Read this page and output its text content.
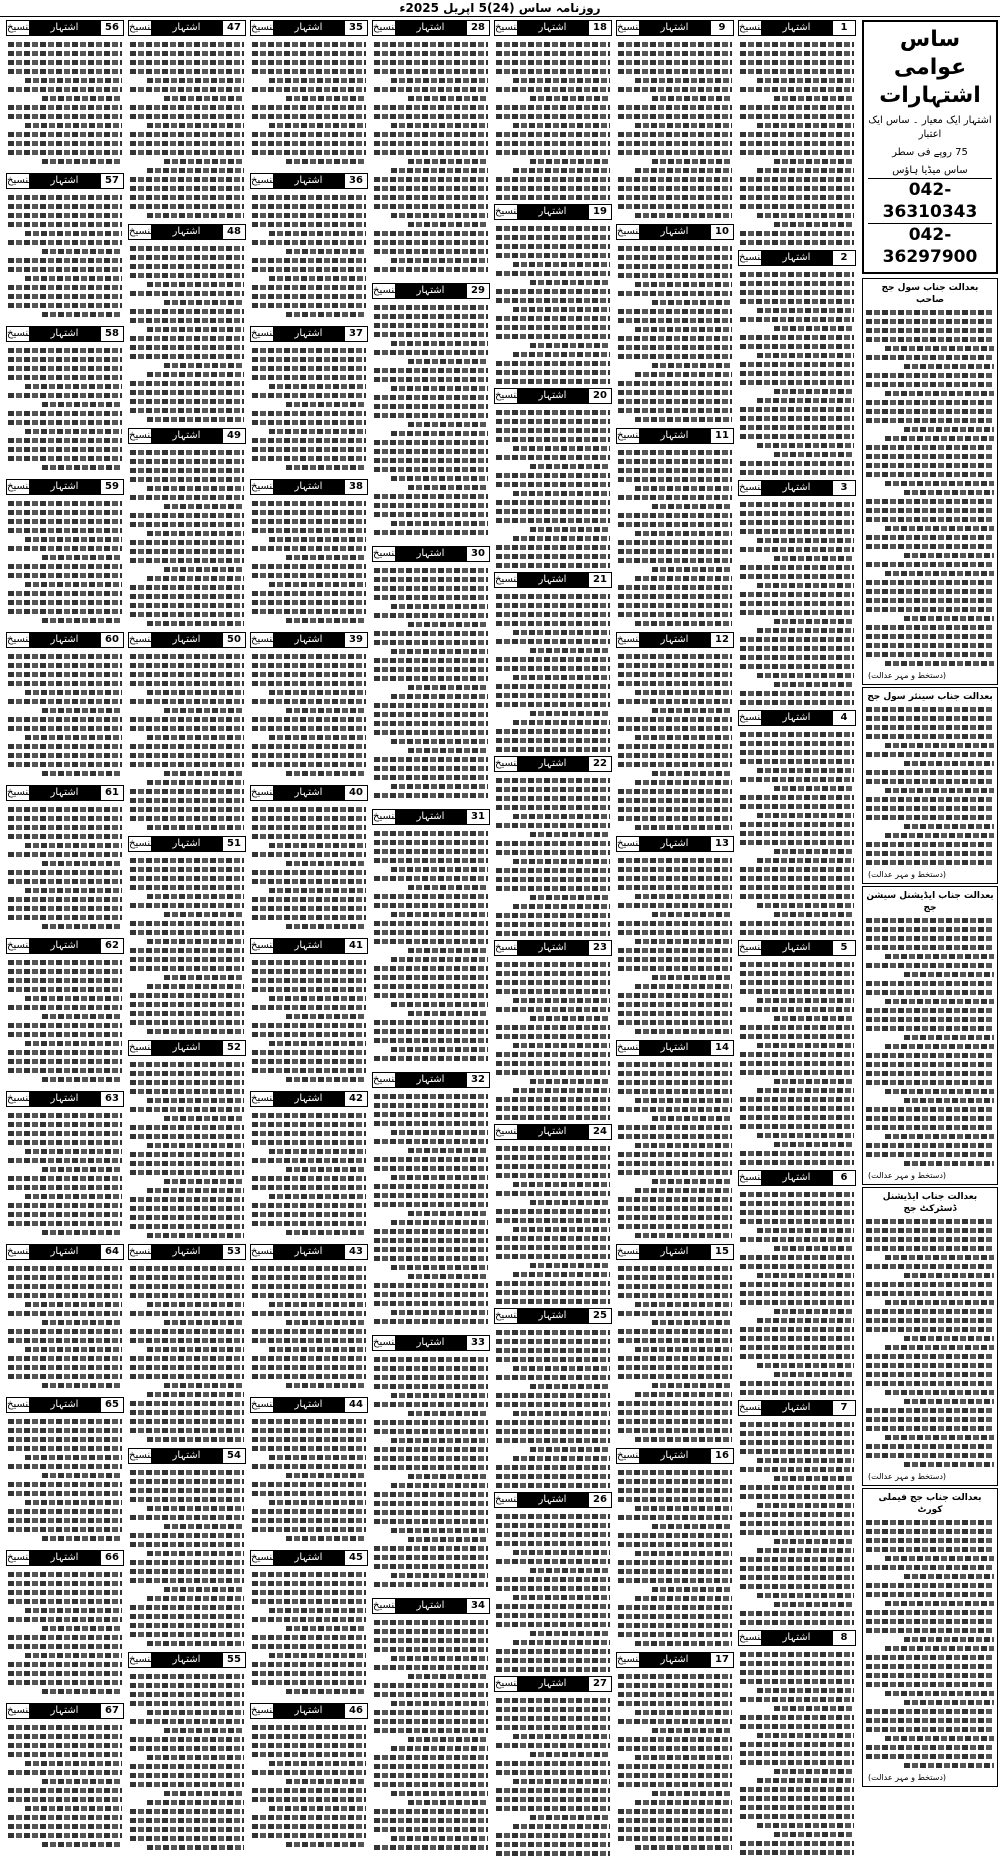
روزنامہ ساس (24)5 اپریل 2025ء
ساس عوامی اشتہارات
اشتہار ایک معیار ۔ ساس ایک اعتبار
75 روپے فی سطر
ساس میڈیا ہاؤس
042-36310343
042-36297900
بعدالت جناب سول جج صاحب
(دستخط و مہر عدالت)
بعدالت جناب سینئر سول جج
(دستخط و مہر عدالت)
بعدالت جناب ایڈیشنل سیشن جج
(دستخط و مہر عدالت)
بعدالت جناب ایڈیشنل ڈسٹرکٹ جج
(دستخط و مہر عدالت)
بعدالت جناب جج فیملی کورٹ
(دستخط و مہر عدالت)
1
اشتہار
تنسیخ
2
اشتہار
تنسیخ
3
اشتہار
تنسیخ
4
اشتہار
تنسیخ
5
اشتہار
تنسیخ
6
اشتہار
تنسیخ
7
اشتہار
تنسیخ
8
اشتہار
تنسیخ
9
اشتہار
تنسیخ
10
اشتہار
تنسیخ
11
اشتہار
تنسیخ
12
اشتہار
تنسیخ
13
اشتہار
تنسیخ
14
اشتہار
تنسیخ
15
اشتہار
تنسیخ
16
اشتہار
تنسیخ
17
اشتہار
تنسیخ
18
اشتہار
تنسیخ
19
اشتہار
تنسیخ
20
اشتہار
تنسیخ
21
اشتہار
تنسیخ
22
اشتہار
تنسیخ
23
اشتہار
تنسیخ
24
اشتہار
تنسیخ
25
اشتہار
تنسیخ
26
اشتہار
تنسیخ
27
اشتہار
تنسیخ
28
اشتہار
تنسیخ
29
اشتہار
تنسیخ
30
اشتہار
تنسیخ
31
اشتہار
تنسیخ
32
اشتہار
تنسیخ
33
اشتہار
تنسیخ
34
اشتہار
تنسیخ
35
اشتہار
تنسیخ
36
اشتہار
تنسیخ
37
اشتہار
تنسیخ
38
اشتہار
تنسیخ
39
اشتہار
تنسیخ
40
اشتہار
تنسیخ
41
اشتہار
تنسیخ
42
اشتہار
تنسیخ
43
اشتہار
تنسیخ
44
اشتہار
تنسیخ
45
اشتہار
تنسیخ
46
اشتہار
تنسیخ
47
اشتہار
تنسیخ
48
اشتہار
تنسیخ
49
اشتہار
تنسیخ
50
اشتہار
تنسیخ
51
اشتہار
تنسیخ
52
اشتہار
تنسیخ
53
اشتہار
تنسیخ
54
اشتہار
تنسیخ
55
اشتہار
تنسیخ
56
اشتہار
تنسیخ
57
اشتہار
تنسیخ
58
اشتہار
تنسیخ
59
اشتہار
تنسیخ
60
اشتہار
تنسیخ
61
اشتہار
تنسیخ
62
اشتہار
تنسیخ
63
اشتہار
تنسیخ
64
اشتہار
تنسیخ
65
اشتہار
تنسیخ
66
اشتہار
تنسیخ
67
اشتہار
تنسیخ
